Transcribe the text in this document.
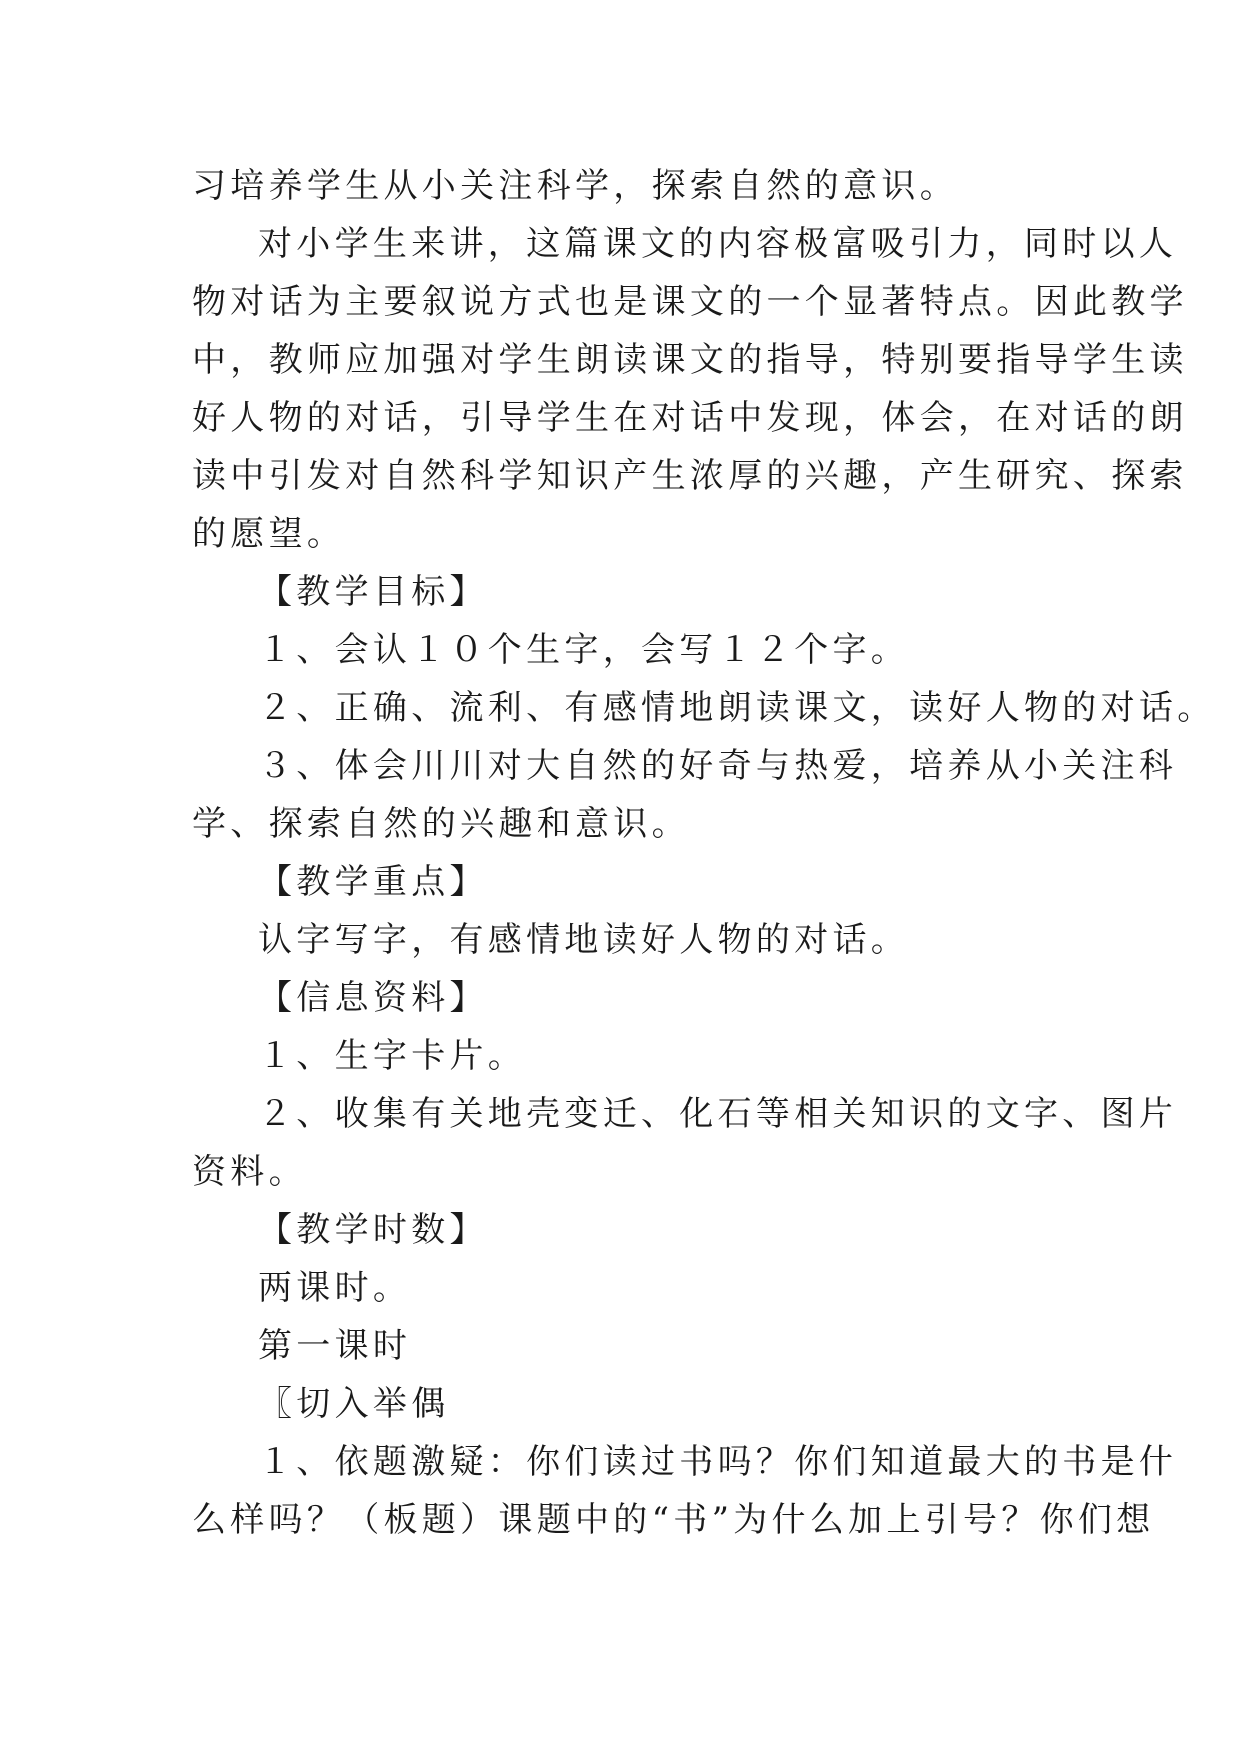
习培养学生从小关注科学，探索自然的意识。
对小学生来讲，这篇课文的内容极富吸引力，同时以人
物对话为主要叙说方式也是课文的一个显著特点。因此教学
中，教师应加强对学生朗读课文的指导，特别要指导学生读
好人物的对话，引导学生在对话中发现，体会，在对话的朗
读中引发对自然科学知识产生浓厚的兴趣，产生研究、探索
的愿望。
【教学目标】
１、会认１０个生字，会写１２个字。
２、正确、流利、有感情地朗读课文，读好人物的对话。
３、体会川川对大自然的好奇与热爱，培养从小关注科
学、探索自然的兴趣和意识。
【教学重点】
认字写字，有感情地读好人物的对话。
【信息资料】
１、生字卡片。
２、收集有关地壳变迁、化石等相关知识的文字、图片
资料。
【教学时数】
两课时。
第一课时
〖切入举偶
１、依题激疑：你们读过书吗？你们知道最大的书是什
么样吗？（板题）课题中的“书”为什么加上引号？你们想
